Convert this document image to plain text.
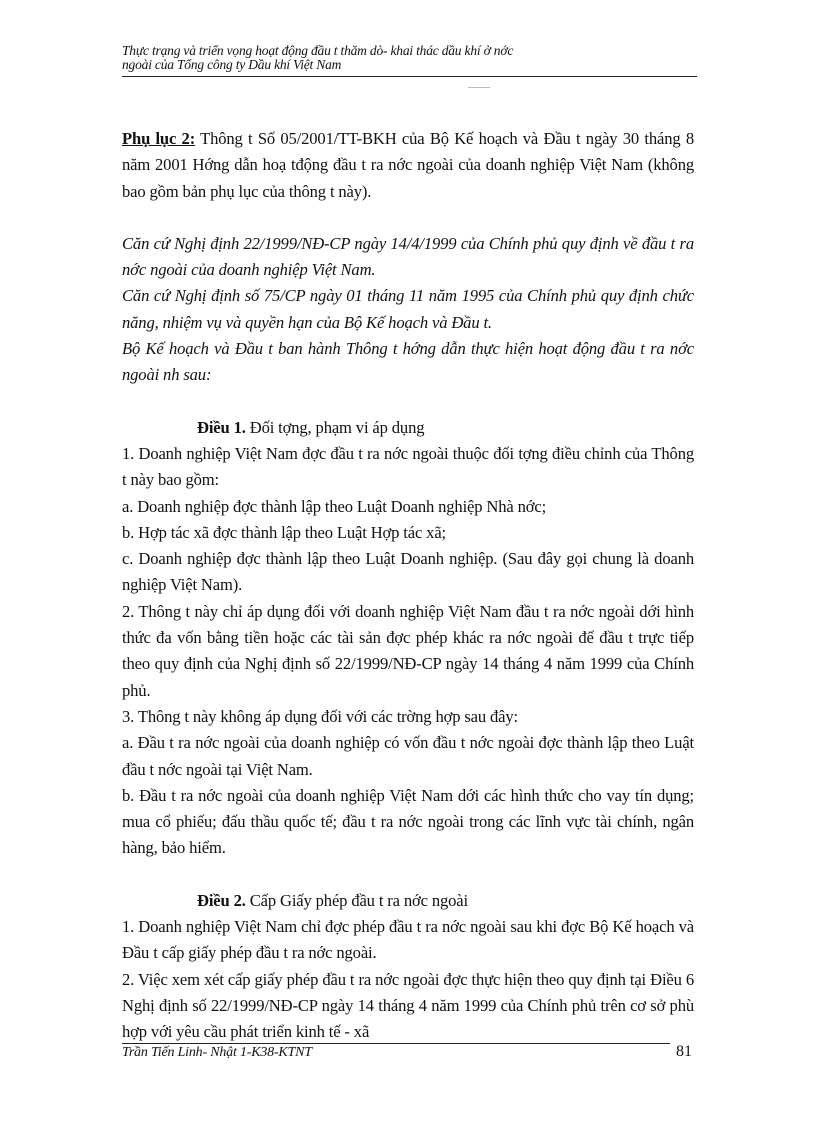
Thực trạng và triển vọng hoạt động đầu t thăm dò- khai thác dầu khí ở nớc
ngoài của Tổng công ty Dầu khí Việt Nam

Phụ lục 2: Thông t Số 05/2001/TT-BKH của Bộ Kế hoạch và Đầu t ngày 30 tháng 8 năm 2001 Hớng dẫn hoạ tđộng đầu t ra nớc ngoài của doanh nghiệp Việt Nam (không bao gồm bản phụ lục của thông t này).

Căn cứ Nghị định 22/1999/NĐ-CP ngày 14/4/1999 của Chính phủ quy định về đầu t ra nớc ngoài của doanh nghiệp Việt Nam.

Căn cứ Nghị định số 75/CP ngày 01 tháng 11 năm 1995 của Chính phủ quy định chức năng, nhiệm vụ và quyền hạn của Bộ Kế hoạch và Đầu t.

Bộ Kế hoạch và Đầu t ban hành Thông t hớng dẫn thực hiện hoạt động đầu t ra nớc ngoài nh sau:

Điều 1. Đối tợng, phạm vi áp dụng

1. Doanh nghiệp Việt Nam đợc đầu t ra nớc ngoài thuộc đối tợng điều chỉnh của Thông t này bao gồm:

a. Doanh nghiệp đợc thành lập theo Luật Doanh nghiệp Nhà nớc;

b. Hợp tác xã đợc thành lập theo Luật Hợp tác xã;

c. Doanh nghiệp đợc thành lập theo Luật Doanh nghiệp. (Sau đây gọi chung là doanh nghiệp Việt Nam).

2. Thông t này chỉ áp dụng đối với doanh nghiệp Việt Nam đầu t ra nớc ngoài dới hình thức đa vốn bằng tiền hoặc các tài sản đợc phép khác ra nớc ngoài để đầu t trực tiếp theo quy định của Nghị định số 22/1999/NĐ-CP ngày 14 tháng 4 năm 1999 của Chính phủ.

3. Thông t này không áp dụng đối với các trờng hợp sau đây:

a. Đầu t ra nớc ngoài của doanh nghiệp có vốn đầu t nớc ngoài đợc thành lập theo Luật đầu t nớc ngoài tại Việt Nam.

b. Đầu t ra nớc ngoài của doanh nghiệp Việt Nam dới các hình thức cho vay tín dụng; mua cổ phiếu; đấu thầu quốc tế; đầu t ra nớc ngoài trong các lĩnh vực tài chính, ngân hàng, bảo hiểm.

Điều 2. Cấp Giấy phép đầu t ra nớc ngoài

1. Doanh nghiệp Việt Nam chỉ đợc phép đầu t ra nớc ngoài sau khi đợc Bộ Kế hoạch và Đầu t cấp giấy phép đầu t ra nớc ngoài.

2. Việc xem xét cấp giấy phép đầu t ra nớc ngoài đợc thực hiện theo quy định tại Điều 6 Nghị định số 22/1999/NĐ-CP ngày 14 tháng 4 năm 1999 của Chính phủ trên cơ sở phù hợp với yêu cầu phát triển kinh tế - xã

Trần Tiến Linh- Nhật 1-K38-KTNT	81
